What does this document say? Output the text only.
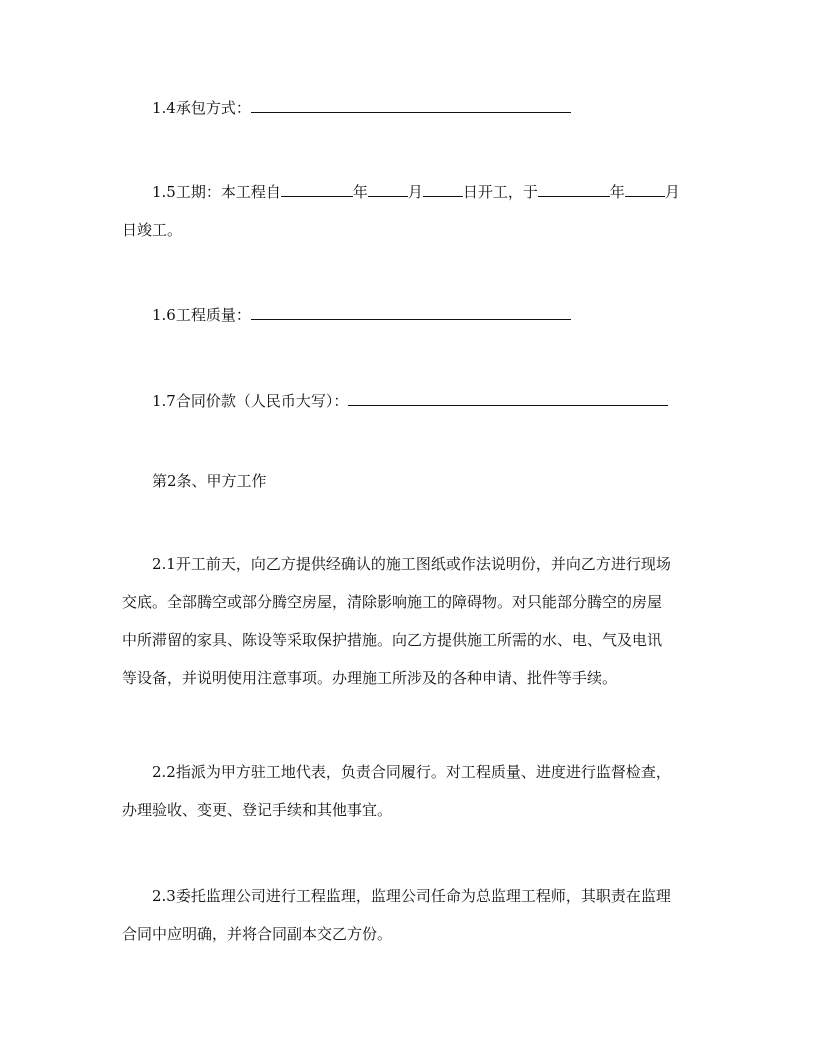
1.4承包方式：
1.5工期：本工程自	年	月	日开工，于	年	月
日竣工。
1.6工程质量：
1.7合同价款（人民币大写）：
第2条、甲方工作
2.1开工前天，向乙方提供经确认的施工图纸或作法说明份，并向乙方进行现场
交底。全部腾空或部分腾空房屋，清除影响施工的障碍物。对只能部分腾空的房屋
中所滞留的家具、陈设等采取保护措施。向乙方提供施工所需的水、电、气及电讯
等设备，并说明使用注意事项。办理施工所涉及的各种申请、批件等手续。
2.2指派为甲方驻工地代表，负责合同履行。对工程质量、进度进行监督检查，
办理验收、变更、登记手续和其他事宜。
2.3委托监理公司进行工程监理，监理公司任命为总监理工程师，其职责在监理
合同中应明确，并将合同副本交乙方份。
